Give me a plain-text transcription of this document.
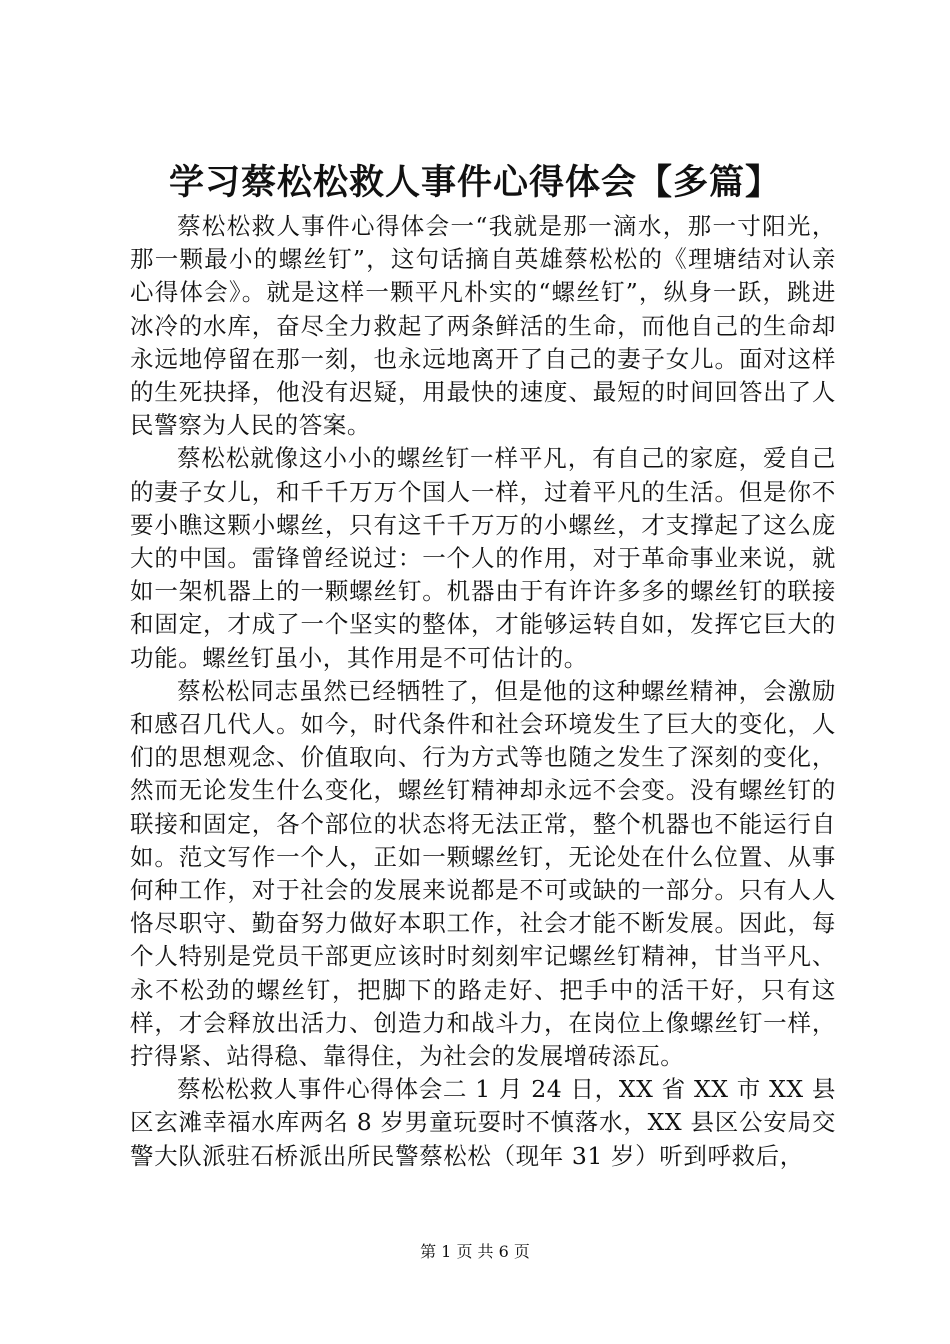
学习蔡松松救人事件心得体会【多篇】

蔡松松救人事件心得体会一“我就是那一滴水，那一寸阳光，那一颗最小的螺丝钉”，这句话摘自英雄蔡松松的《理塘结对认亲心得体会》。就是这样一颗平凡朴实的“螺丝钉”，纵身一跃，跳进冰冷的水库，奋尽全力救起了两条鲜活的生命，而他自己的生命却永远地停留在那一刻，也永远地离开了自己的妻子女儿。面对这样的生死抉择，他没有迟疑，用最快的速度、最短的时间回答出了人民警察为人民的答案。

蔡松松就像这小小的螺丝钉一样平凡，有自己的家庭，爱自己的妻子女儿，和千千万万个国人一样，过着平凡的生活。但是你不要小瞧这颗小螺丝，只有这千千万万的小螺丝，才支撑起了这么庞大的中国。雷锋曾经说过：一个人的作用，对于革命事业来说，就如一架机器上的一颗螺丝钉。机器由于有许许多多的螺丝钉的联接和固定，才成了一个坚实的整体，才能够运转自如，发挥它巨大的功能。螺丝钉虽小，其作用是不可估计的。

蔡松松同志虽然已经牺牲了，但是他的这种螺丝精神，会激励和感召几代人。如今，时代条件和社会环境发生了巨大的变化，人们的思想观念、价值取向、行为方式等也随之发生了深刻的变化，然而无论发生什么变化，螺丝钉精神却永远不会变。没有螺丝钉的联接和固定，各个部位的状态将无法正常，整个机器也不能运行自如。范文写作一个人，正如一颗螺丝钉，无论处在什么位置、从事何种工作，对于社会的发展来说都是不可或缺的一部分。只有人人恪尽职守、勤奋努力做好本职工作，社会才能不断发展。因此，每个人特别是党员干部更应该时时刻刻牢记螺丝钉精神，甘当平凡、永不松劲的螺丝钉，把脚下的路走好、把手中的活干好，只有这样，才会释放出活力、创造力和战斗力，在岗位上像螺丝钉一样，拧得紧、站得稳、靠得住，为社会的发展增砖添瓦。

蔡松松救人事件心得体会二 1 月 24 日，XX 省 XX 市 XX 县区玄滩幸福水库两名 8 岁男童玩耍时不慎落水，XX 县区公安局交警大队派驻石桥派出所民警蔡松松（现年 31 岁）听到呼救后，

第 1 页 共 6 页
